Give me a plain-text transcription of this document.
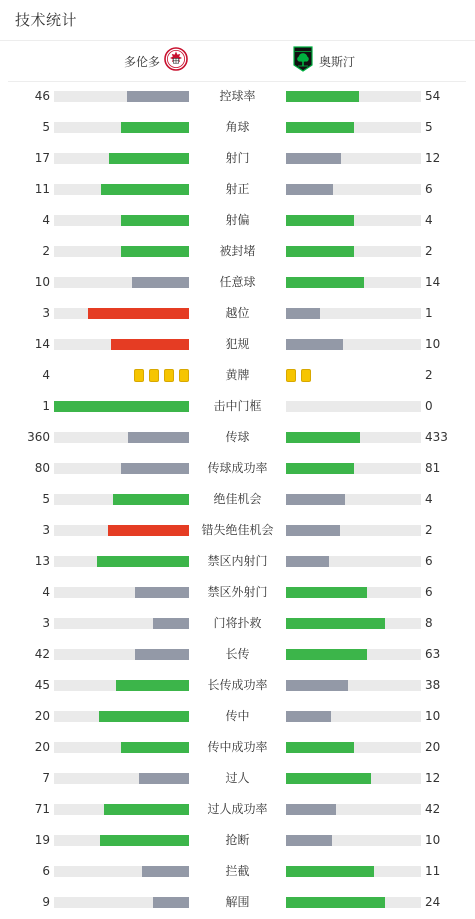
技术统计
多伦多	奥斯汀
46	控球率	54
5	角球	5
17	射门	12
11	射正	6
4	射偏	4
2	被封堵	2
10	任意球	14
3	越位	1
14	犯规	10
4	黄牌	2
1	击中门框	0
360	传球	433
80	传球成功率	81
5	绝佳机会	4
3	错失绝佳机会	2
13	禁区内射门	6
4	禁区外射门	6
3	门将扑救	8
42	长传	63
45	长传成功率	38
20	传中	10
20	传中成功率	20
7	过人	12
71	过人成功率	42
19	抢断	10
6	拦截	11
9	解围	24
